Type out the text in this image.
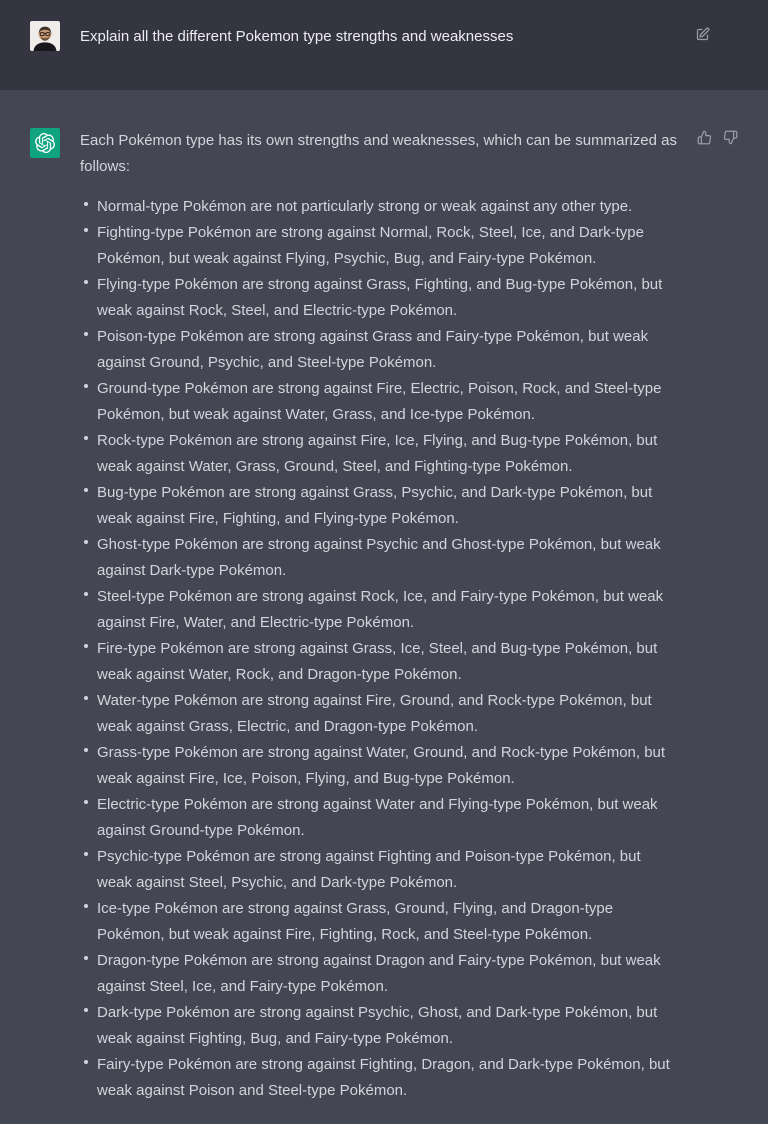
Explain all the different Pokemon type strengths and weaknesses

Each Pokémon type has its own strengths and weaknesses, which can be summarized as follows:

Normal-type Pokémon are not particularly strong or weak against any other type.
Fighting-type Pokémon are strong against Normal, Rock, Steel, Ice, and Dark-type Pokémon, but weak against Flying, Psychic, Bug, and Fairy-type Pokémon.
Flying-type Pokémon are strong against Grass, Fighting, and Bug-type Pokémon, but weak against Rock, Steel, and Electric-type Pokémon.
Poison-type Pokémon are strong against Grass and Fairy-type Pokémon, but weak against Ground, Psychic, and Steel-type Pokémon.
Ground-type Pokémon are strong against Fire, Electric, Poison, Rock, and Steel-type Pokémon, but weak against Water, Grass, and Ice-type Pokémon.
Rock-type Pokémon are strong against Fire, Ice, Flying, and Bug-type Pokémon, but weak against Water, Grass, Ground, Steel, and Fighting-type Pokémon.
Bug-type Pokémon are strong against Grass, Psychic, and Dark-type Pokémon, but weak against Fire, Fighting, and Flying-type Pokémon.
Ghost-type Pokémon are strong against Psychic and Ghost-type Pokémon, but weak against Dark-type Pokémon.
Steel-type Pokémon are strong against Rock, Ice, and Fairy-type Pokémon, but weak against Fire, Water, and Electric-type Pokémon.
Fire-type Pokémon are strong against Grass, Ice, Steel, and Bug-type Pokémon, but weak against Water, Rock, and Dragon-type Pokémon.
Water-type Pokémon are strong against Fire, Ground, and Rock-type Pokémon, but weak against Grass, Electric, and Dragon-type Pokémon.
Grass-type Pokémon are strong against Water, Ground, and Rock-type Pokémon, but weak against Fire, Ice, Poison, Flying, and Bug-type Pokémon.
Electric-type Pokémon are strong against Water and Flying-type Pokémon, but weak against Ground-type Pokémon.
Psychic-type Pokémon are strong against Fighting and Poison-type Pokémon, but weak against Steel, Psychic, and Dark-type Pokémon.
Ice-type Pokémon are strong against Grass, Ground, Flying, and Dragon-type Pokémon, but weak against Fire, Fighting, Rock, and Steel-type Pokémon.
Dragon-type Pokémon are strong against Dragon and Fairy-type Pokémon, but weak against Steel, Ice, and Fairy-type Pokémon.
Dark-type Pokémon are strong against Psychic, Ghost, and Dark-type Pokémon, but weak against Fighting, Bug, and Fairy-type Pokémon.
Fairy-type Pokémon are strong against Fighting, Dragon, and Dark-type Pokémon, but weak against Poison and Steel-type Pokémon.
